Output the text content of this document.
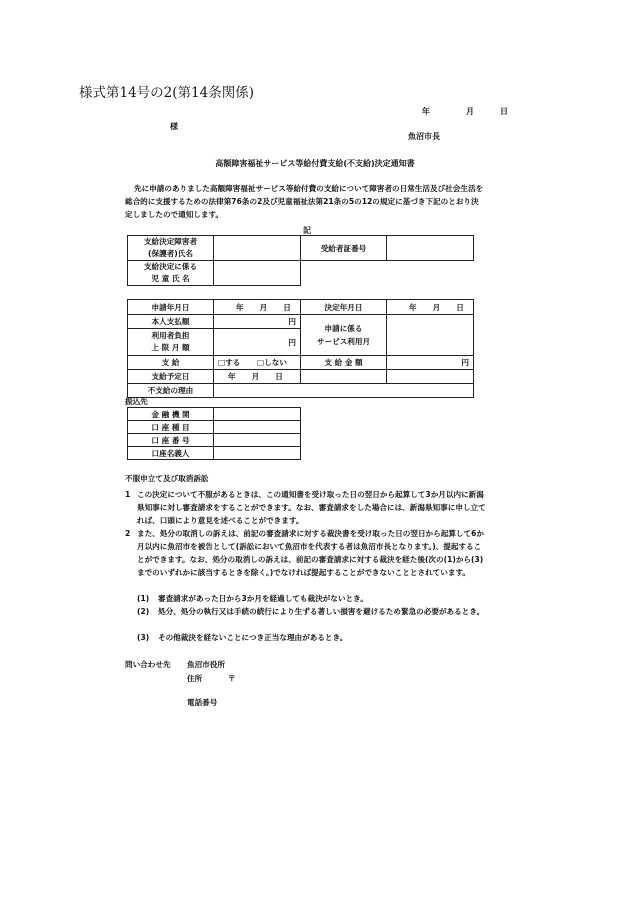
様式第14号の2(第14条関係)
年	月	日
様
魚沼市長
高額障害福祉サービス等給付費支給(不支給)決定通知書
先に申請のありました高額障害福祉サービス等給付費の支給について障害者の日常生活及び社会生活を総合的に支援するための法律第76条の2及び児童福祉法第21条の5の12の規定に基づき下記のとおり決定しましたので通知します。
記
支給決定障害者
(保護者)氏名		受給者証番号	

支給決定に係る
児 童 氏 名			

申請年月日	年 月 日	決定年月日	年 月 日
本人支払額	円	申請に係る
サービス利用月	

利用者負担
上 限 月 額	円		
支 給	□する □しない	支 給 金 額	円
支給予定日	年 月 日		
不支給の理由			
振込先
金 融 機 関	
口 座 種 目	
口 座 番 号	
口座名義人	
不服申立て及び取消訴訟
1 この決定について不服があるときは、この通知書を受け取った日の翌日から起算して3か月以内に新潟県知事に対し審査請求をすることができます。なお、審査請求をした場合には、新潟県知事に申し立てれば、口頭により意見を述べることができます。
2 また、処分の取消しの訴えは、前記の審査請求に対する裁決書を受け取った日の翌日から起算して6か月以内に魚沼市を被告として(訴訟において魚沼市を代表する者は魚沼市長となります。)、提起することができます。なお、処分の取消しの訴えは、前記の審査請求に対する裁決を経た後(次の(1)から(3)までのいずれかに該当するときを除く。)でなければ提起することができないこととされています。
(1)	審査請求があった日から3か月を経過しても裁決がないとき。
(2)	処分、処分の執行又は手続の続行により生ずる著しい損害を避けるため緊急の必要があるとき。
(3)	その他裁決を経ないことにつき正当な理由があるとき。
問い合わせ先 魚沼市役所
住所	〒
電話番号
